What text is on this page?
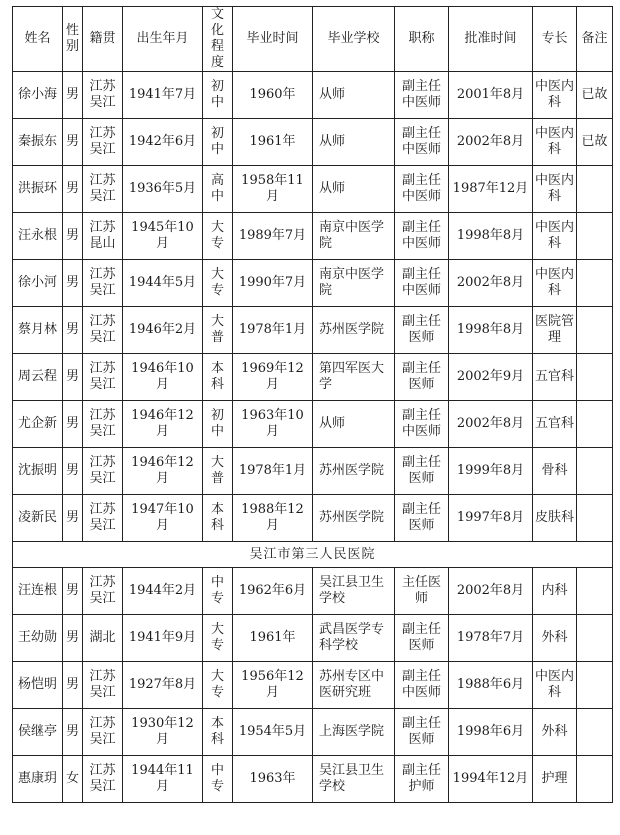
姓名	性别	籍贯	出生年月	文化程度	毕业时间	毕业学校	职称	批准时间	专长	备注
徐小海	男	江苏吴江	1941年7月	初中	1960年	从师	副主任中医师	2001年8月	中医内科	已故
秦振东	男	江苏吴江	1942年6月	初中	1961年	从师	副主任中医师	2002年8月	中医内科	已故
洪振环	男	江苏吴江	1936年5月	高中	1958年11月	从师	副主任中医师	1987年12月	中医内科	
汪永根	男	江苏昆山	1945年10月	大专	1989年7月	南京中医学院	副主任中医师	1998年8月	中医内科	
徐小河	男	江苏吴江	1944年5月	大专	1990年7月	南京中医学院	副主任中医师	2002年8月	中医内科	
蔡月林	男	江苏吴江	1946年2月	大普	1978年1月	苏州医学院	副主任医师	1998年8月	医院管理	
周云程	男	江苏吴江	1946年10月	本科	1969年12月	第四军医大学	副主任医师	2002年9月	五官科	
尤企新	男	江苏吴江	1946年12月	初中	1963年10月	从师	副主任中医师	2002年8月	五官科	
沈振明	男	江苏吴江	1946年12月	大普	1978年1月	苏州医学院	副主任医师	1999年8月	骨科	
凌新民	男	江苏吴江	1947年10月	本科	1988年12月	苏州医学院	副主任医师	1997年8月	皮肤科	
吴江市第三人民医院										
汪连根	男	江苏吴江	1944年2月	中专	1962年6月	吴江县卫生学校	主任医师	2002年8月	内科	
王幼勋	男	湖北	1941年9月	大专	1961年	武昌医学专科学校	副主任医师	1978年7月	外科	
杨恺明	男	江苏吴江	1927年8月	大专	1956年12月	苏州专区中医研究班	副主任中医师	1988年6月	中医内科	
侯继亭	男	江苏吴江	1930年12月	本科	1954年5月	上海医学院	副主任医师	1998年6月	外科	
惠康玥	女	江苏吴江	1944年11月	中专	1963年	吴江县卫生学校	副主任护师	1994年12月	护理	
